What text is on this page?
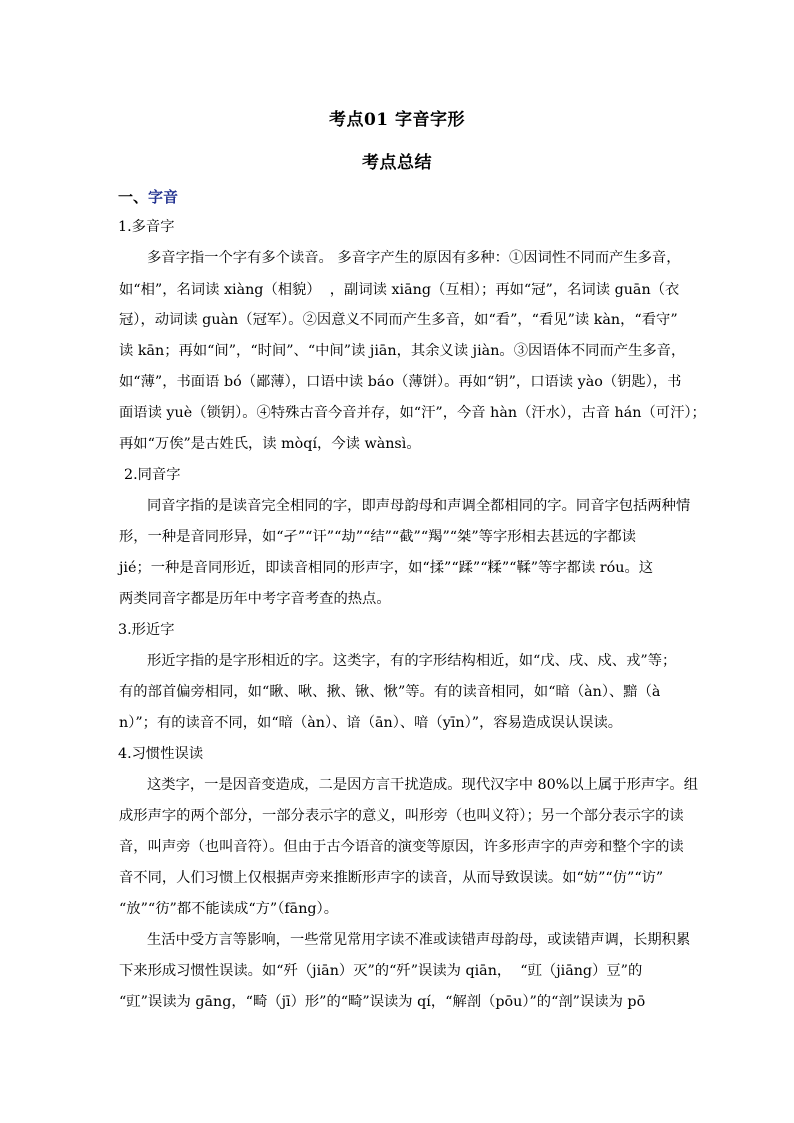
考点01 字音字形
考点总结
一、字音
1.多音字
多音字指一个字有多个读音。 多音字产生的原因有多种：①因词性不同而产生多音，
如“相”，名词读 xiàng（相貌）  ，副词读 xiāng（互相）；再如“冠”，名词读 guān（衣
冠），动词读 guàn（冠军）。②因意义不同而产生多音，如“看”，“看见”读 kàn，“看守”
读 kān；再如“间”，“时间”、“中间”读 jiān，其余义读 jiàn。③因语体不同而产生多音，
如“薄”，书面语 bó（鄙薄），口语中读 báo（薄饼）。再如“钥”，口语读 yào（钥匙），书
面语读 yuè（锁钥）。④特殊古音今音并存，如“汗”，今音 hàn（汗水），古音 hán（可汗）；
再如“万俟”是古姓氏，读 mòqí，今读 wànsì。
2.同音字
同音字指的是读音完全相同的字，即声母韵母和声调全都相同的字。同音字包括两种情
形，一种是音同形异，如“孑”“讦”“劫”“结”“截”“羯”“桀”等字形相去甚远的字都读
jié；一种是音同形近，即读音相同的形声字，如“揉”“蹂”“糅”“鞣”等字都读 róu。这
两类同音字都是历年中考字音考查的热点。
3.形近字
形近字指的是字形相近的字。这类字，有的字形结构相近，如“戊、戌、戍、戎”等；
有的部首偏旁相同，如“瞅、啾、揪、锹、愀”等。有的读音相同，如“暗（àn）、黯（à
n）”；有的读音不同，如“暗（àn）、谙（ān）、喑（yīn）”，容易造成误认误读。
4.习惯性误读
这类字，一是因音变造成，二是因方言干扰造成。现代汉字中 80%以上属于形声字。组
成形声字的两个部分，一部分表示字的意义，叫形旁（也叫义符）；另一个部分表示字的读
音，叫声旁（也叫音符）。但由于古今语音的演变等原因，许多形声字的声旁和整个字的读
音不同，人们习惯上仅根据声旁来推断形声字的读音，从而导致误读。如“妨”“仿”“访”
“放”“彷”都不能读成“方”（fāng）。
生活中受方言等影响，一些常见常用字读不准或读错声母韵母，或读错声调，长期积累
下来形成习惯性误读。如“歼（jiān）灭”的“歼”误读为 qiān，  “豇（jiāng）豆”的
“豇”误读为 gāng，“畸（jī）形”的“畸”误读为 qí，“解剖（pōu）”的“剖”误读为 pō
